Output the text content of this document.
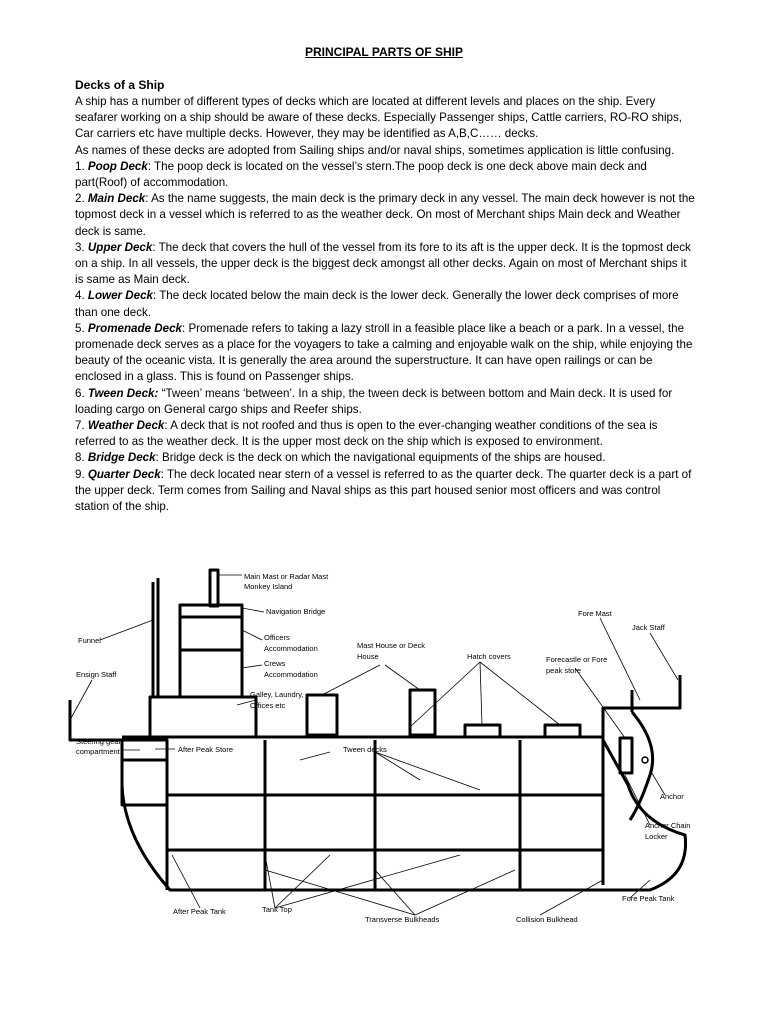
PRINCIPAL PARTS OF SHIP
Decks of a Ship

A ship has a number of different types of decks which are located at different levels and places on the ship. Every seafarer working on a ship should be aware of these decks. Especially Passenger ships, Cattle carriers, RO-RO ships, Car carriers etc have multiple decks. However, they may be identified as A,B,C…… decks.

As names of these decks are adopted from Sailing ships and/or naval ships, sometimes application is little confusing.

1. Poop Deck: The poop deck is located on the vessel’s stern.The poop deck is one deck above main deck and part(Roof) of accommodation.

2. Main Deck: As the name suggests, the main deck is the primary deck in any vessel. The main deck however is not the topmost deck in a vessel which is referred to as the weather deck. On most of Merchant ships Main deck and Weather deck is same.

3. Upper Deck: The deck that covers the hull of the vessel from its fore to its aft is the upper deck. It is the topmost deck on a ship. In all vessels, the upper deck is the biggest deck amongst all other decks. Again on most of Merchant ships it is same as Main deck.

4. Lower Deck: The deck located below the main deck is the lower deck. Generally the lower deck comprises of more than one deck.

5. Promenade Deck: Promenade refers to taking a lazy stroll in a feasible place like a beach or a park. In a vessel, the promenade deck serves as a place for the voyagers to take a calming and enjoyable walk on the ship, while enjoying the beauty of the oceanic vista. It is generally the area around the superstructure. It can have open railings or can be enclosed in a glass. This is found on Passenger ships.

6. Tween Deck: “Tween’ means ‘between’. In a ship, the tween deck is between bottom and Main deck. It is used for loading cargo on General cargo ships and Reefer ships.

7. Weather Deck: A deck that is not roofed and thus is open to the ever-changing weather conditions of the sea is referred to as the weather deck. It is the upper most deck on the ship which is exposed to environment.

8. Bridge Deck: Bridge deck is the deck on which the navigational equipments of the ships are housed.

9. Quarter Deck: The deck located near stern of a vessel is referred to as the quarter deck. The quarter deck is a part of the upper deck. Term comes from Sailing and Naval ships as this part housed senior most officers and was control station of the ship.

Main Mast or Radar Mast
Monkey Island
Navigation Bridge
Officers
Accommodation
Crews
Accommodation
Galley, Laundry,
Offices etc
Funnel
Ensign Staff
Steering gear
compartment	After Peak Store
Mast House or Deck
House	Hatch covers
Tween decks
Forecastle or Fore
peak store
Fore Mast
Jack Staff
Anchor
Anchor Chain
Locker
Fore Peak Tank
Collision Bulkhead
Transverse Bulkheads
Tank Top
After Peak Tank
